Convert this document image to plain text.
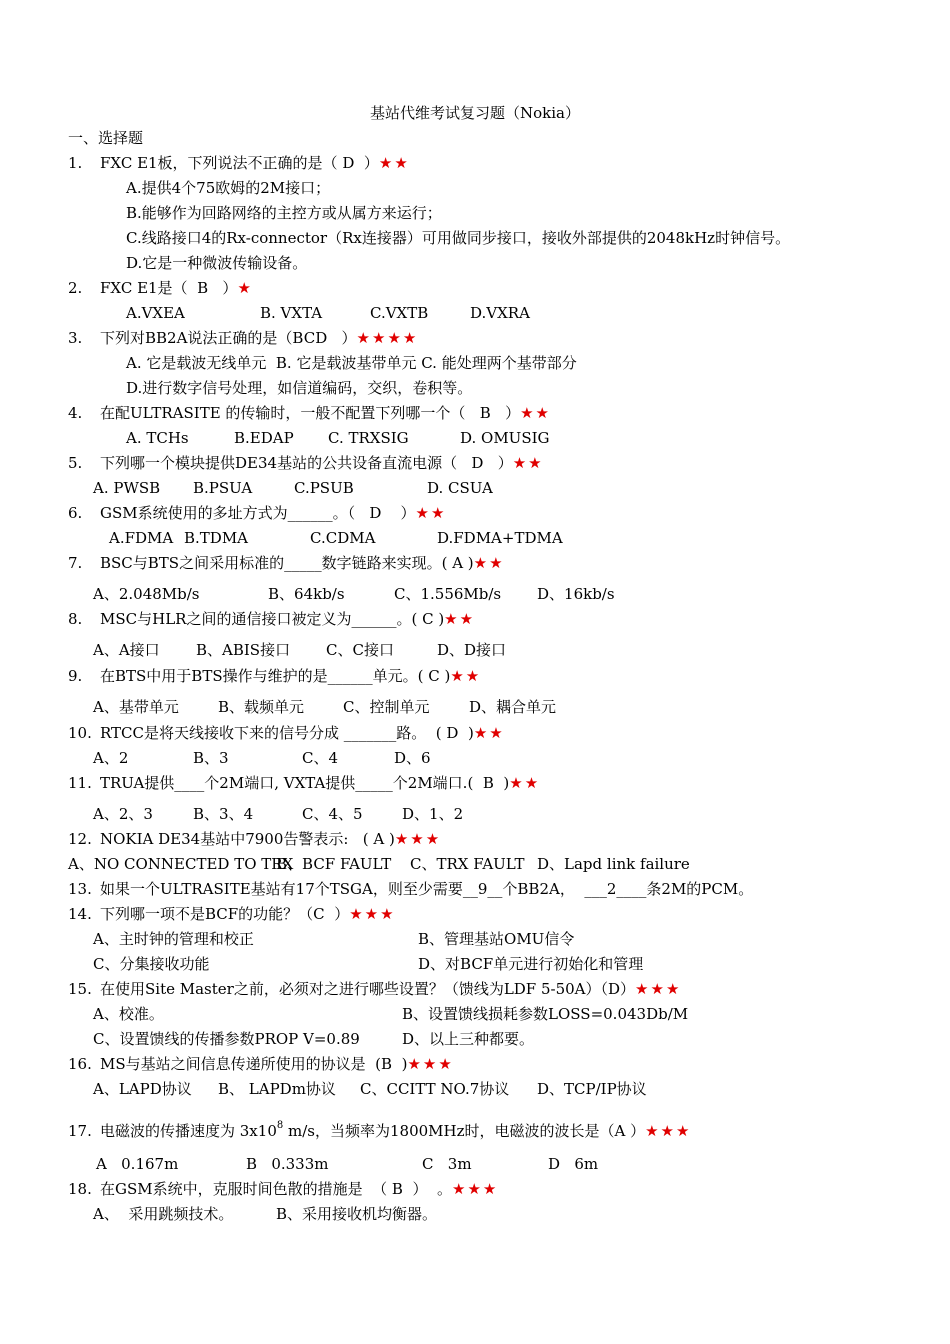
基站代维考试复习题（Nokia）
一、选择题
1. FXC E1板，下列说法不正确的是（ D  ）★★
A.提供4个75欧姆的2M接口；
B.能够作为回路网络的主控方或从属方来运行；
C.线路接口4的Rx-connector（Rx连接器）可用做同步接口，接收外部提供的2048kHz时钟信号。
D.它是一种微波传输设备。
2. FXC E1是（  B   ）★
A.VXEA	B. VXTA	C.VXTB	D.VXRA
3. 下列对BB2A说法正确的是（BCD   ）★★★★
A. 它是载波无线单元  B. 它是载波基带单元 C. 能处理两个基带部分
D.进行数字信号处理，如信道编码，交织，卷积等。
4. 在配ULTRASITE 的传输时，一般不配置下列哪一个（   B   ）★★
A. TCHs	B.EDAP C. TRXSIG	D. OMUSIG
5. 下列哪一个模块提供DE34基站的公共设备直流电源（   D   ）★★
A. PWSB B.PSUA	C.PSUB	D. CSUA
6. GSM系统使用的多址方式为______。（   D    ）★★
A.FDMA B.TDMA	C.CDMA	D.FDMA+TDMA
7. BSC与BTS之间采用标准的_____数字链路来实现。( A )★★
A、2.048Mb/s	B、64kb/s	C、1.556Mb/s D、16kb/s
8. MSC与HLR之间的通信接口被定义为______。( C )★★
A、A接口 B、ABIS接口 C、C接口	D、D接口
9. 在BTS中用于BTS操作与维护的是______单元。( C )★★
A、基带单元	B、载频单元	C、控制单元	D、耦合单元
10. RTCC是将天线接收下来的信号分成 _______路。  ( D  )★★
A、2	B、3	C、4	D、6
11. TRUA提供____个2M端口, VXTA提供_____个2M端口.(  B  )★★
A、2、3	B、3、4	C、4、5	D、1、2
12. NOKIA DE34基站中7900告警表示:   ( A )★★★
A、NO CONNECTED TO TRX
B、BCF FAULT C、TRX FAULT D、Lapd link failure
13. 如果一个ULTRASITE基站有17个TSGA，则至少需要__9__个BB2A，  ___2____条2M的PCM。
14. 下列哪一项不是BCF的功能？（C  ）★★★
A、主时钟的管理和校正	B、管理基站OMU信令
C、分集接收功能	D、对BCF单元进行初始化和管理
15. 在使用Site Master之前，必须对之进行哪些设置？（馈线为LDF 5-50A）（D）★★★
A、校准。	B、设置馈线损耗参数LOSS=0.043Db/M
C、设置馈线的传播参数PROP V=0.89	D、以上三种都要。
16. MS与基站之间信息传递所使用的协议是  (B  )★★★
A、LAPD协议 B、 LAPDm协议 C、CCITT NO.7协议 D、TCP/IP协议
17. 电磁波的传播速度为 $3x10^8$ m/s，当频率为1800MHz时，电磁波的波长是（A ）★★★
A   0.167m	B   0.333m	C   3m	D   6m
18. 在GSM系统中，克服时间色散的措施是  （ B  ）  。★★★
A、  采用跳频技术。	B、采用接收机均衡器。
